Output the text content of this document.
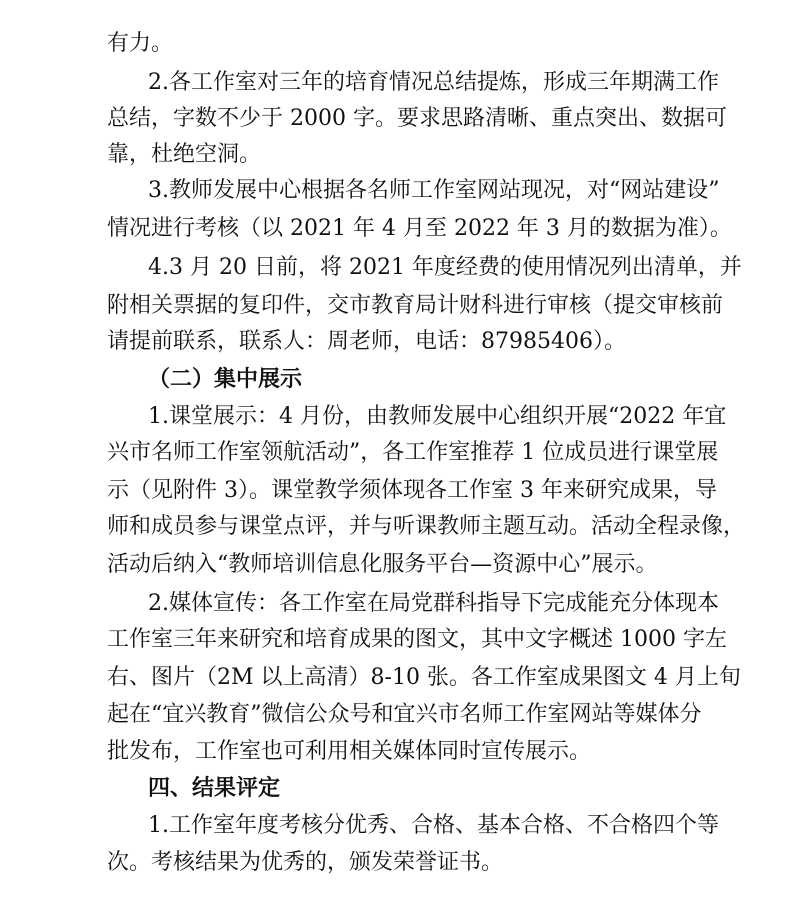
有力。
2.各工作室对三年的培育情况总结提炼，形成三年期满工作
总结，字数不少于 2000 字。要求思路清晰、重点突出、数据可
靠，杜绝空洞。
3.教师发展中心根据各名师工作室网站现况，对“网站建设”
情况进行考核（以 2021 年 4 月至 2022 年 3 月的数据为准）。
4.3 月 20 日前，将 2021 年度经费的使用情况列出清单，并
附相关票据的复印件，交市教育局计财科进行审核（提交审核前
请提前联系，联系人：周老师，电话：87985406）。
（二）集中展示
1.课堂展示：4 月份，由教师发展中心组织开展“2022 年宜
兴市名师工作室领航活动”，各工作室推荐 1 位成员进行课堂展
示（见附件 3）。课堂教学须体现各工作室 3 年来研究成果，导
师和成员参与课堂点评，并与听课教师主题互动。活动全程录像，
活动后纳入“教师培训信息化服务平台—资源中心”展示。
2.媒体宣传：各工作室在局党群科指导下完成能充分体现本
工作室三年来研究和培育成果的图文，其中文字概述 1000 字左
右、图片（2M 以上高清）8-10 张。各工作室成果图文 4 月上旬
起在“宜兴教育”微信公众号和宜兴市名师工作室网站等媒体分
批发布，工作室也可利用相关媒体同时宣传展示。
四、结果评定
1.工作室年度考核分优秀、合格、基本合格、不合格四个等
次。考核结果为优秀的，颁发荣誉证书。
